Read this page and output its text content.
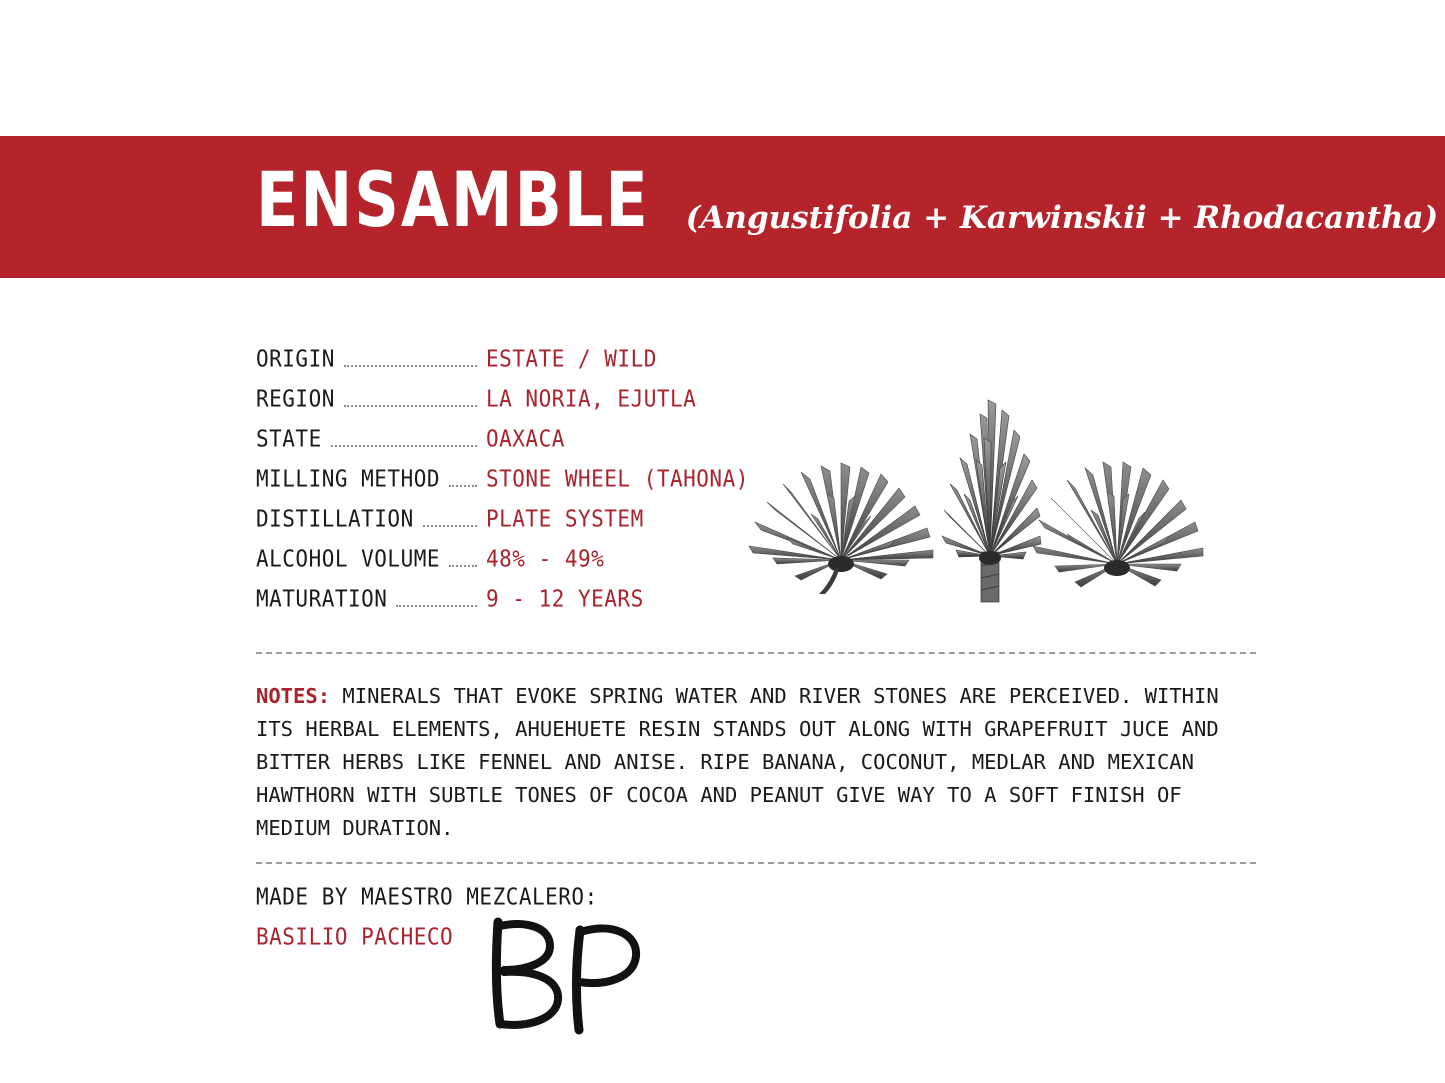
ENSAMBLE (Angustifolia + Karwinskii + Rhodacantha)
ORIGIN	ESTATE / WILD
REGION	LA NORIA, EJUTLA
STATE	OAXACA
MILLING METHOD STONE WHEEL (TAHONA)
DISTILLATION	PLATE SYSTEM
ALCOHOL VOLUME 48% - 49%
MATURATION	9 - 12 YEARS
NOTES: MINERALS THAT EVOKE SPRING WATER AND RIVER STONES ARE PERCEIVED. WITHIN ITS HERBAL ELEMENTS, AHUEHUETE RESIN STANDS OUT ALONG WITH GRAPEFRUIT JUCE AND BITTER HERBS LIKE FENNEL AND ANISE. RIPE BANANA, COCONUT, MEDLAR AND MEXICAN HAWTHORN WITH SUBTLE TONES OF COCOA AND PEANUT GIVE WAY TO A SOFT FINISH OF MEDIUM DURATION.
MADE BY MAESTRO MEZCALERO:
BASILIO PACHECO
